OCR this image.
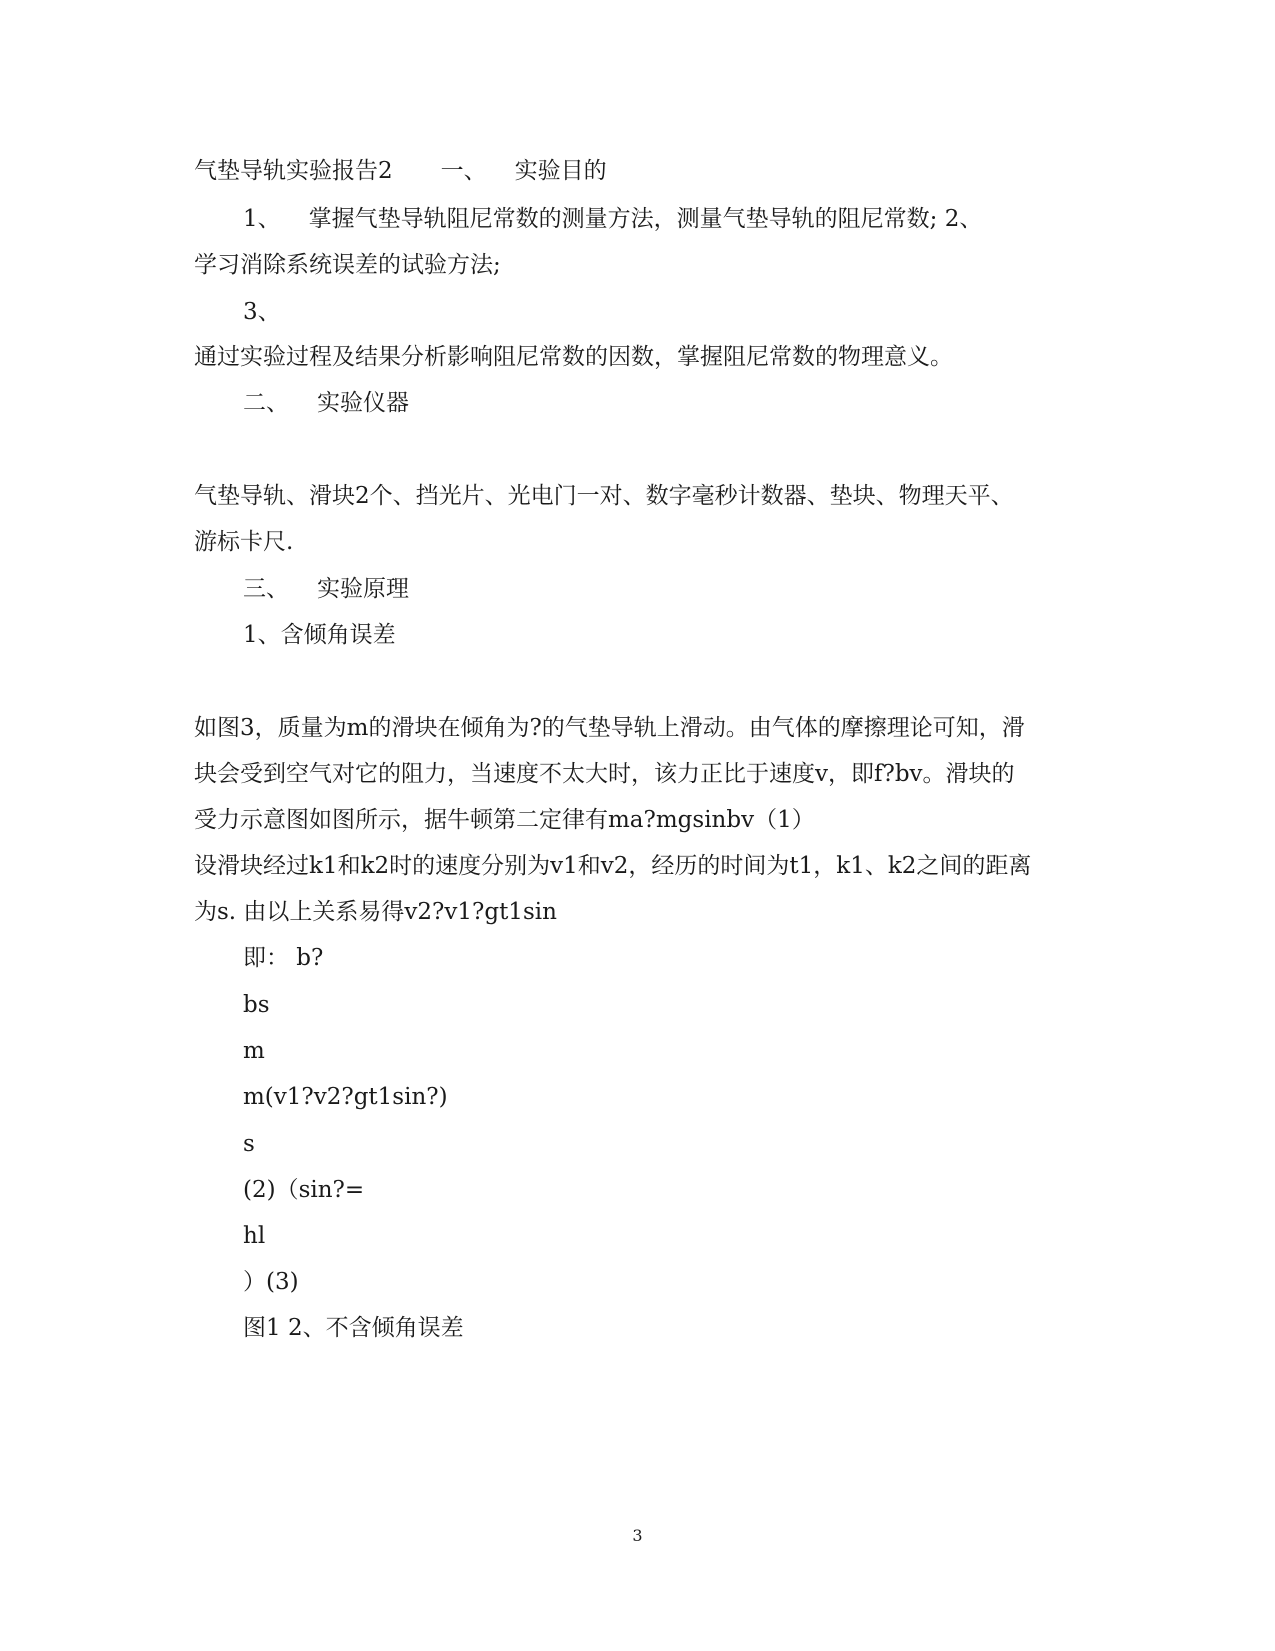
气垫导轨实验报告2 一、 实验目的
1、 掌握气垫导轨阻尼常数的测量方法，测量气垫导轨的阻尼常数; 2、
学习消除系统误差的试验方法;
3、
通过实验过程及结果分析影响阻尼常数的因数，掌握阻尼常数的物理意义。
二、 实验仪器
气垫导轨、滑块2个、挡光片、光电门一对、数字毫秒计数器、垫块、物理天平、
游标卡尺.
三、 实验原理
1、含倾角误差
如图3，质量为m的滑块在倾角为?的气垫导轨上滑动。由气体的摩擦理论可知，滑
块会受到空气对它的阻力，当速度不太大时，该力正比于速度v，即f?bv。滑块的
受力示意图如图所示，据牛顿第二定律有ma?mgsinbv（1）
设滑块经过k1和k2时的速度分别为v1和v2，经历的时间为t1，k1、k2之间的距离
为s. 由以上关系易得v2?v1?gt1sin
即： b?
bs
m
m(v1?v2?gt1sin?)
s
(2)（sin?=
hl
）(3)
图1 2、不含倾角误差
3
